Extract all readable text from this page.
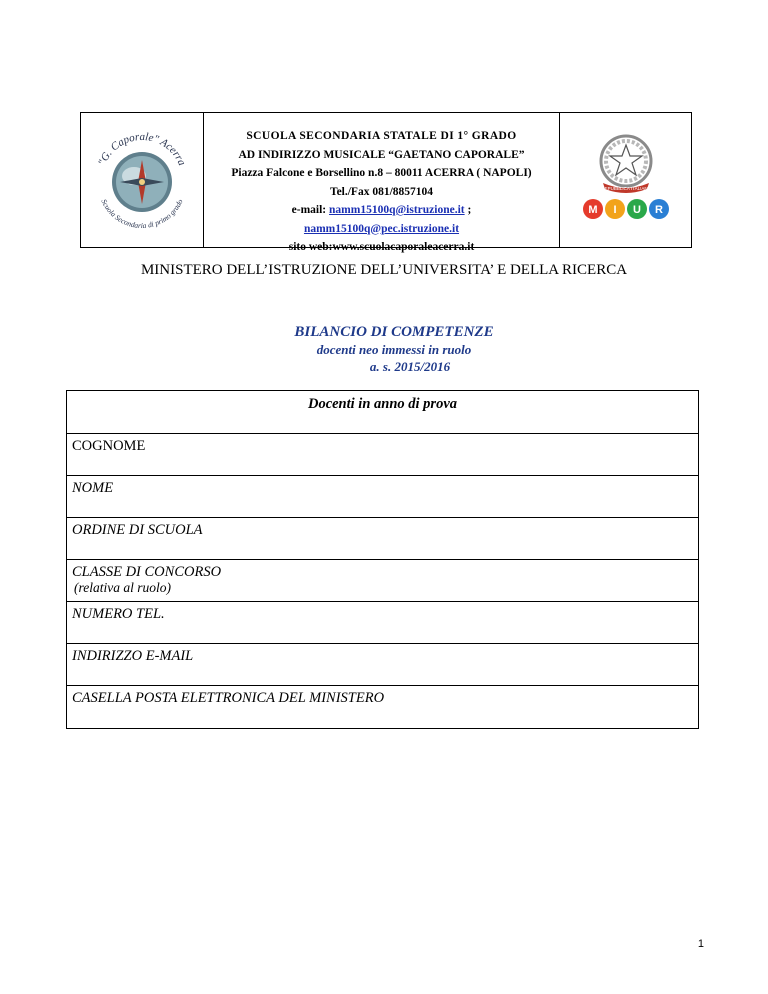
"G. Caporale" Acerra
Scuola Secondaria di primo grado
SCUOLA SECONDARIA STATALE DI 1° GRADO
AD INDIRIZZO MUSICALE “GAETANO CAPORALE”
Piazza Falcone e Borsellino n.8 – 80011 ACERRA ( NAPOLI)
Tel./Fax 081/8857104
e-mail: namm15100q@istruzione.it ;
namm15100q@pec.istruzione.it
sito web:www.scuolacaporaleacerra.it
REPUBBLICA ITALIANA
M I U R
MINISTERO DELL’ISTRUZIONE DELL’UNIVERSITA’ E DELLA RICERCA
BILANCIO DI COMPETENZE
docenti neo immessi in ruolo
a. s. 2015/2016
Docenti in anno di prova
COGNOME
NOME
ORDINE DI SCUOLA
CLASSE DI CONCORSO
(relativa al ruolo)
NUMERO TEL.
INDIRIZZO E-MAIL
CASELLA POSTA ELETTRONICA DEL MINISTERO
1
